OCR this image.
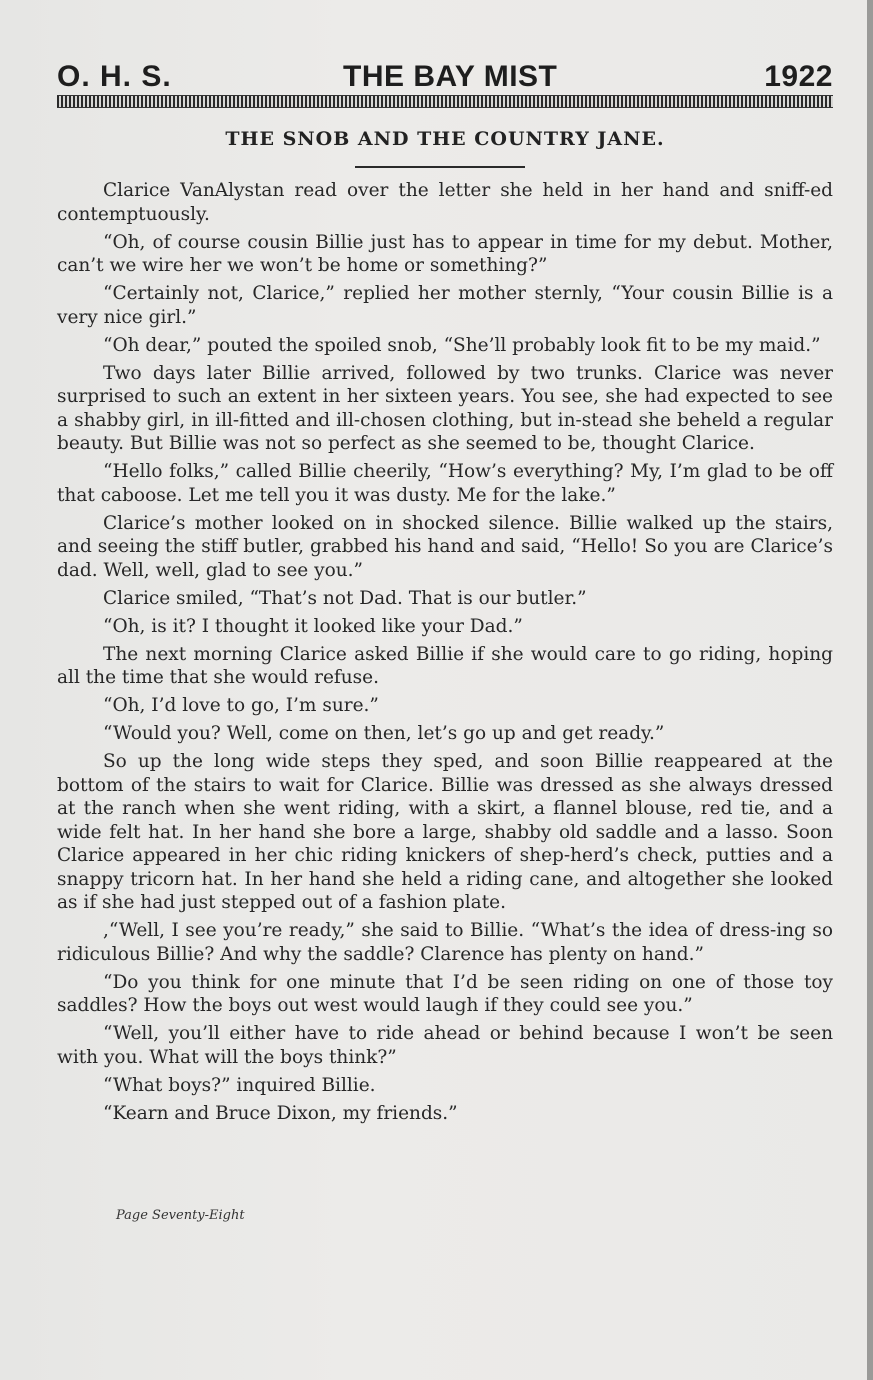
O. H. S.	THE BAY MIST	1922
THE SNOB AND THE COUNTRY JANE.

Clarice VanAlystan read over the letter she held in her hand and sniff-ed contemptuously.

“Oh, of course cousin Billie just has to appear in time for my debut. Mother, can’t we wire her we won’t be home or something?”

“Certainly not, Clarice,” replied her mother sternly, “Your cousin Billie is a very nice girl.”

“Oh dear,” pouted the spoiled snob, “She’ll probably look fit to be my maid.”

Two days later Billie arrived, followed by two trunks. Clarice was never surprised to such an extent in her sixteen years. You see, she had expected to see a shabby girl, in ill-fitted and ill-chosen clothing, but in-stead she beheld a regular beauty. But Billie was not so perfect as she seemed to be, thought Clarice.

“Hello folks,” called Billie cheerily, “How’s everything? My, I’m glad to be off that caboose. Let me tell you it was dusty. Me for the lake.”

Clarice’s mother looked on in shocked silence. Billie walked up the stairs, and seeing the stiff butler, grabbed his hand and said, “Hello! So you are Clarice’s dad. Well, well, glad to see you.”

Clarice smiled, “That’s not Dad. That is our butler.”

“Oh, is it? I thought it looked like your Dad.”

The next morning Clarice asked Billie if she would care to go riding, hoping all the time that she would refuse.

“Oh, I’d love to go, I’m sure.”

“Would you? Well, come on then, let’s go up and get ready.”

So up the long wide steps they sped, and soon Billie reappeared at the bottom of the stairs to wait for Clarice. Billie was dressed as she always dressed at the ranch when she went riding, with a skirt, a flannel blouse, red tie, and a wide felt hat. In her hand she bore a large, shabby old saddle and a lasso. Soon Clarice appeared in her chic riding knickers of shep-herd’s check, putties and a snappy tricorn hat. In her hand she held a riding cane, and altogether she looked as if she had just stepped out of a fashion plate.

,“Well, I see you’re ready,” she said to Billie. “What’s the idea of dress-ing so ridiculous Billie? And why the saddle? Clarence has plenty on hand.”

“Do you think for one minute that I’d be seen riding on one of those toy saddles? How the boys out west would laugh if they could see you.”

“Well, you’ll either have to ride ahead or behind because I won’t be seen with you. What will the boys think?”

“What boys?” inquired Billie.

“Kearn and Bruce Dixon, my friends.”

Page Seventy-Eight
